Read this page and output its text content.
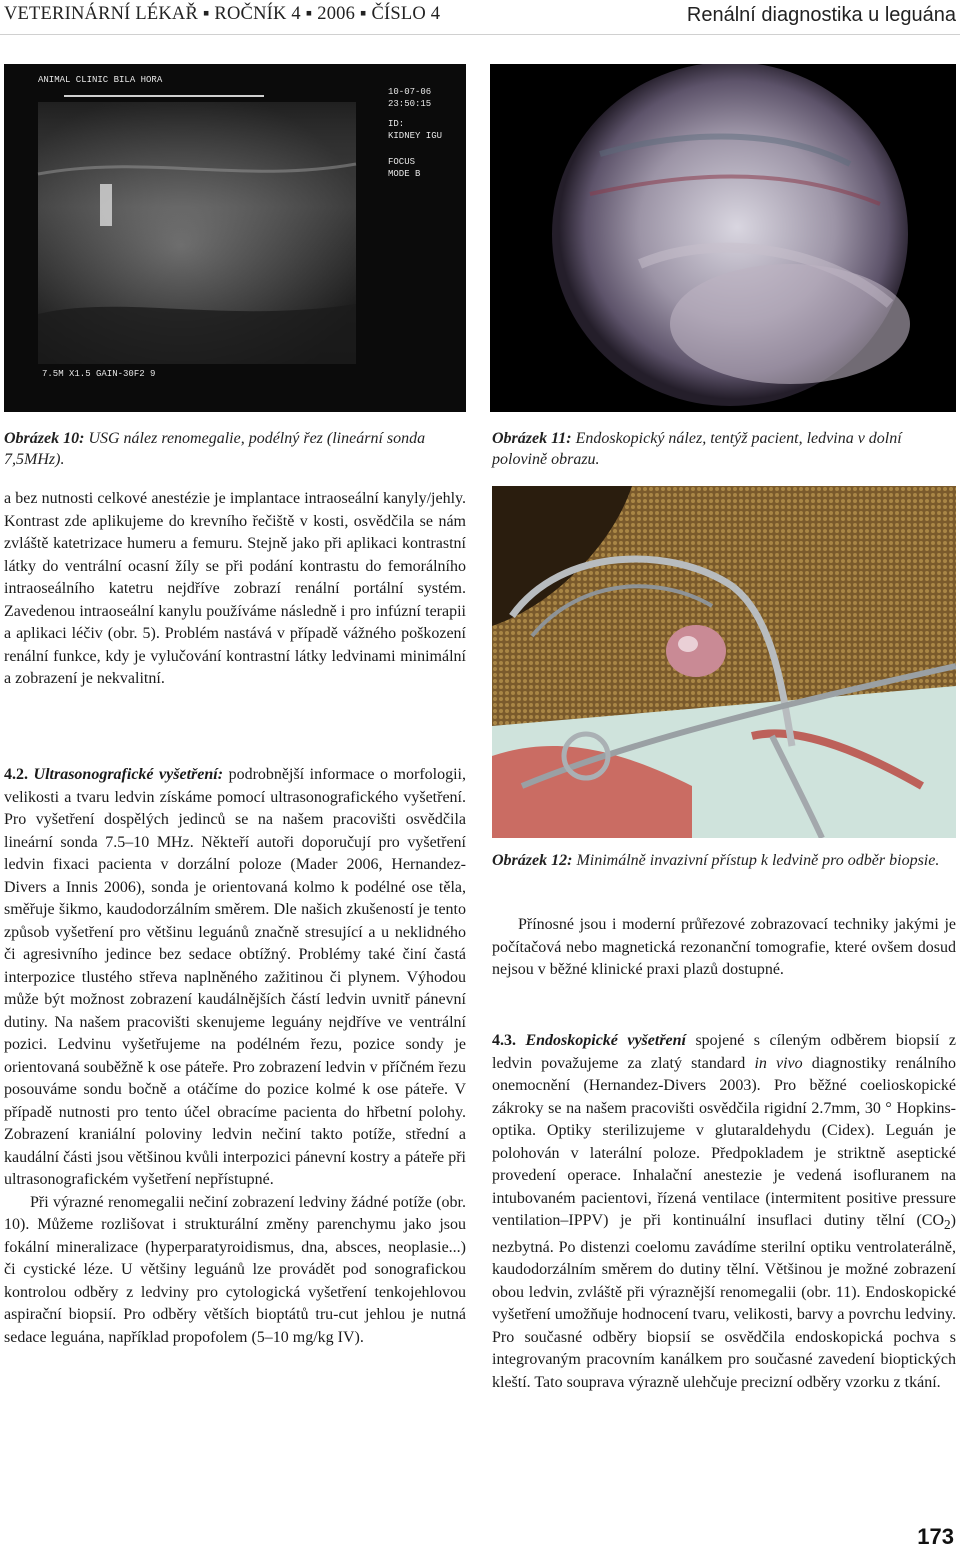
VETERINÁRNÍ LÉKAŘ ▪ ROČNÍK 4 ▪ 2006 ▪ ČÍSLO 4	Renální diagnostika u leguána
ANIMAL CLINIC BILA HORA
10-07-06
23:50:15
ID:
KIDNEY IGU
FOCUS
MODE B
7.5M X1.5 GAIN-30F2 9
Obrázek 10: USG nález renomegalie, podélný řez (lineární sonda 7,5MHz).
Obrázek 11: Endoskopický nález, tentýž pacient, ledvina v dolní polovině obrazu.
Obrázek 12: Minimálně invazivní přístup k ledvině pro odběr biopsie.

a bez nutnosti celkové anestézie je implantace intraoseální kanyly/jehly. Kontrast zde aplikujeme do krevního řečiště v kosti, osvědčila se nám zvláště katetrizace humeru a femuru. Stejně jako při aplikaci kontrastní látky do ventrální ocasní žíly se při podání kontrastu do femorálního intraoseálního katetru nejdříve zobrazí renální portální systém. Zavedenou intraoseální kanylu používáme následně i pro infúzní terapii a aplikaci léčiv (obr. 5). Problém nastává v případě vážného poškození renální funkce, kdy je vylučování kontrastní látky ledvinami minimální a zobrazení je nekvalitní.

4.2. Ultrasonografické vyšetření: podrobnější informace o morfologii, velikosti a tvaru ledvin získáme pomocí ultrasonografického vyšetření. Pro vyšetření dospělých jedinců se na našem pracovišti osvědčila lineární sonda 7.5–10 MHz. Někteří autoři doporučují pro vyšetření ledvin fixaci pacienta v dorzální poloze (Mader 2006, Hernandez-Divers a Innis 2006), sonda je orientovaná kolmo k podélné ose těla, směřuje šikmo, kaudodorzálním směrem. Dle našich zkušeností je tento způsob vyšetření pro většinu leguánů značně stresující a u neklidného či agresivního jedince bez sedace obtížný. Problémy také činí častá interpozice tlustého střeva naplněného zažitinou či plynem. Výhodou může být možnost zobrazení kaudálnějších částí ledvin uvnitř pánevní dutiny. Na našem pracovišti skenujeme leguány nejdříve ve ventrální pozici. Ledvinu vyšetřujeme na podélném řezu, pozice sondy je orientovaná souběžně k ose páteře. Pro zobrazení ledvin v příčném řezu posouváme sondu bočně a otáčíme do pozice kolmé k ose páteře. V případě nutnosti pro tento účel obracíme pacienta do hřbetní polohy. Zobrazení kraniální poloviny ledvin nečiní takto potíže, střední a kaudální části jsou většinou kvůli interpozici pánevní kostry a páteře při ultrasonografickém vyšetření nepřístupné.

Při výrazné renomegalii nečiní zobrazení ledviny žádné potíže (obr. 10). Můžeme rozlišovat i strukturální změny parenchymu jako jsou fokální mineralizace (hyperparatyroidismus, dna, absces, neoplasie...) či cystické léze. U většiny leguánů lze provádět pod sonografickou kontrolou odběry z ledviny pro cytologická vyšetření tenkojehlovou aspirační biopsií. Pro odběry větších bioptátů tru-cut jehlou je nutná sedace leguána, například propofolem (5–10 mg/kg IV).

Přínosné jsou i moderní průřezové zobrazovací techniky jakými je počítačová nebo magnetická rezonanční tomografie, které ovšem dosud nejsou v běžné klinické praxi plazů dostupné.

4.3. Endoskopické vyšetření spojené s cíleným odběrem biopsií z ledvin považujeme za zlatý standard in vivo diagnostiky renálního onemocnění (Hernandez-Divers 2003). Pro běžné coelioskopické zákroky se na našem pracovišti osvědčila rigidní 2.7mm, 30 ° Hopkins-optika. Optiky sterilizujeme v glutaraldehydu (Cidex). Leguán je polohován v laterální poloze. Předpokladem je striktně aseptické provedení operace. Inhalační anestezie je vedená isofluranem na intubovaném pacientovi, řízená ventilace (intermitent positive pressure ventilation–IPPV) je při kontinuální insuflaci dutiny tělní $(CO_2)$ nezbytná. Po distenzi coelomu zavádíme sterilní optiku ventrolaterálně, kaudodorzálním směrem do dutiny tělní. Většinou je možné zobrazení obou ledvin, zvláště při výraznější renomegalii (obr. 11). Endoskopické vyšetření umožňuje hodnocení tvaru, velikosti, barvy a povrchu ledviny. Pro současné odběry biopsií se osvědčila endoskopická pochva s integrovaným pracovním kanálkem pro současné zavedení bioptických kleští. Tato souprava výrazně ulehčuje precizní odběry vzorku z tkání.

173
